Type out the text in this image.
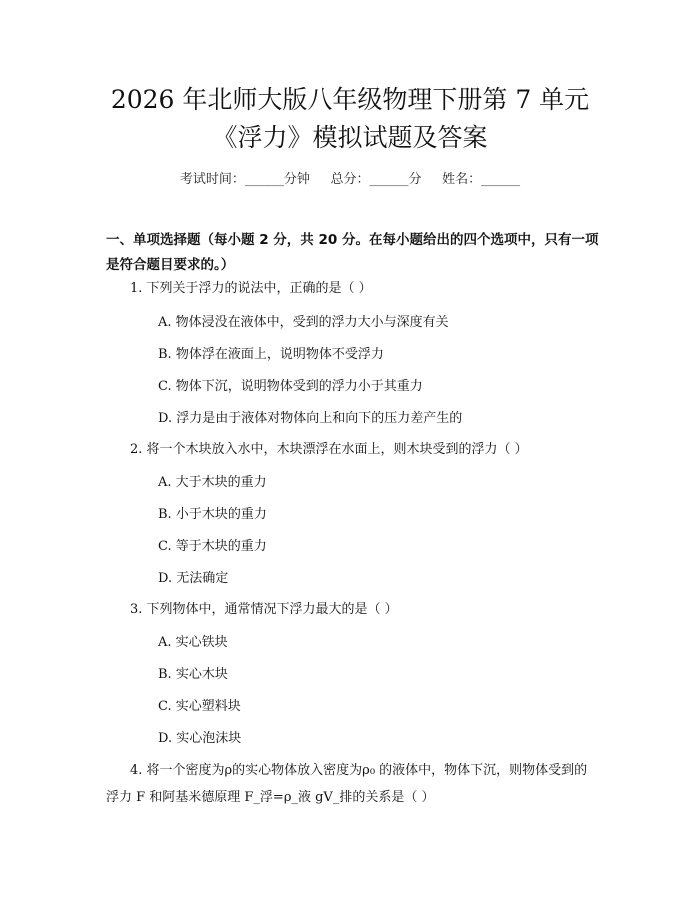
2026 年北师大版八年级物理下册第 7 单元
《浮力》模拟试题及答案
考试时间：______分钟     总分：______分     姓名：______
一、单项选择题（每小题 2 分，共 20 分。在每小题给出的四个选项中，只有一项是符合题目要求的。）
1. 下列关于浮力的说法中，正确的是（ ）
A. 物体浸没在液体中，受到的浮力大小与深度有关
B. 物体浮在液面上，说明物体不受浮力
C. 物体下沉，说明物体受到的浮力小于其重力
D. 浮力是由于液体对物体向上和向下的压力差产生的
2. 将一个木块放入水中，木块漂浮在水面上，则木块受到的浮力（ ）
A. 大于木块的重力
B. 小于木块的重力
C. 等于木块的重力
D. 无法确定
3. 下列物体中，通常情况下浮力最大的是（ ）
A. 实心铁块
B. 实心木块
C. 实心塑料块
D. 实心泡沫块
4. 将一个密度为ρ的实心物体放入密度为ρ₀ 的液体中，物体下沉，则物体受到的浮力 F 和阿基米德原理 F_浮=ρ_液 gV_排的关系是（ ）
